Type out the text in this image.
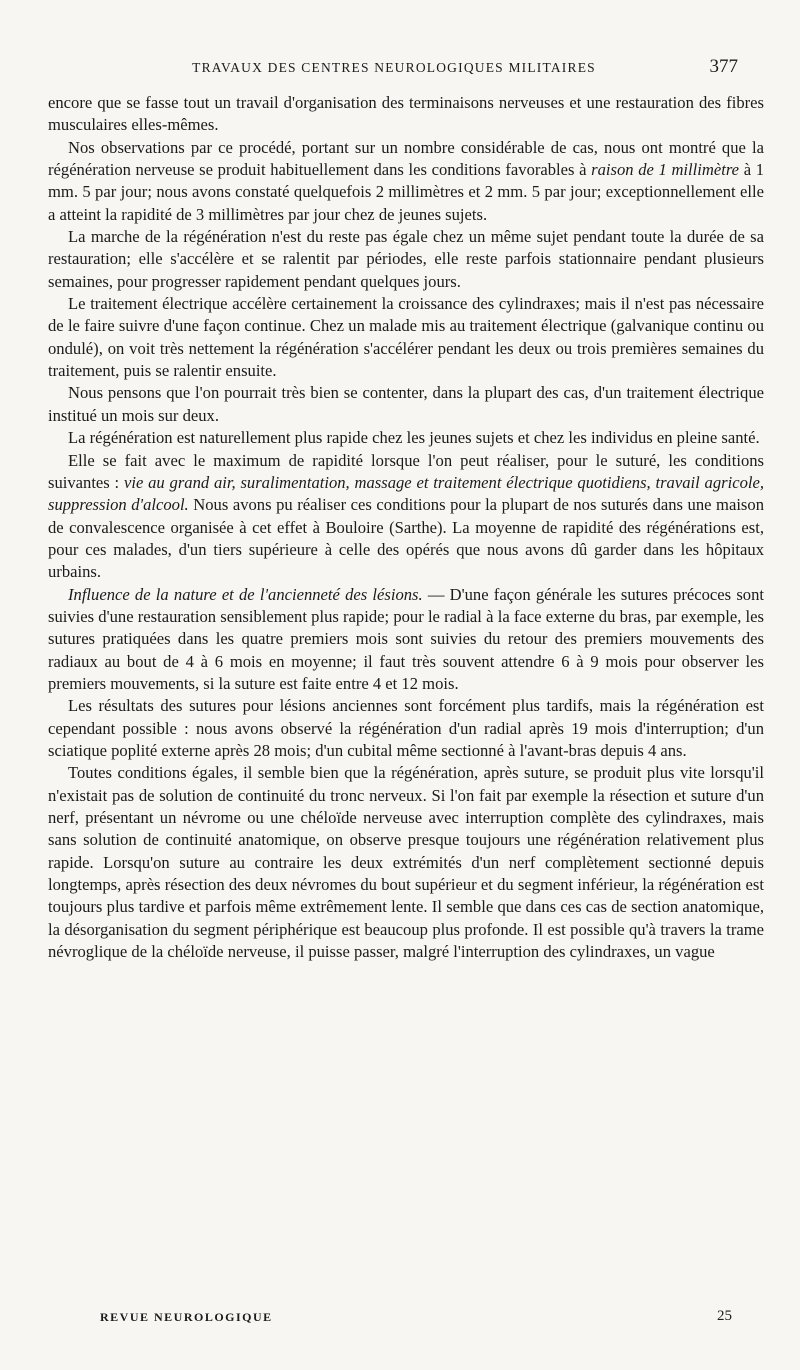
TRAVAUX DES CENTRES NEUROLOGIQUES MILITAIRES	377

encore que se fasse tout un travail d'organisation des terminaisons nerveuses et une restauration des fibres musculaires elles-mêmes.

Nos observations par ce procédé, portant sur un nombre considérable de cas, nous ont montré que la régénération nerveuse se produit habituellement dans les conditions favorables à raison de 1 millimètre à 1 mm. 5 par jour; nous avons constaté quelquefois 2 millimètres et 2 mm. 5 par jour; exceptionnellement elle a atteint la rapidité de 3 millimètres par jour chez de jeunes sujets.

La marche de la régénération n'est du reste pas égale chez un même sujet pendant toute la durée de sa restauration; elle s'accélère et se ralentit par périodes, elle reste parfois stationnaire pendant plusieurs semaines, pour progresser rapidement pendant quelques jours.

Le traitement électrique accélère certainement la croissance des cylindraxes; mais il n'est pas nécessaire de le faire suivre d'une façon continue. Chez un malade mis au traitement électrique (galvanique continu ou ondulé), on voit très nettement la régénération s'accélérer pendant les deux ou trois premières semaines du traitement, puis se ralentir ensuite.

Nous pensons que l'on pourrait très bien se contenter, dans la plupart des cas, d'un traitement électrique institué un mois sur deux.

La régénération est naturellement plus rapide chez les jeunes sujets et chez les individus en pleine santé.

Elle se fait avec le maximum de rapidité lorsque l'on peut réaliser, pour le suturé, les conditions suivantes : vie au grand air, suralimentation, massage et traitement électrique quotidiens, travail agricole, suppression d'alcool. Nous avons pu réaliser ces conditions pour la plupart de nos suturés dans une maison de convalescence organisée à cet effet à Bouloire (Sarthe). La moyenne de rapidité des régénérations est, pour ces malades, d'un tiers supérieure à celle des opérés que nous avons dû garder dans les hôpitaux urbains.

Influence de la nature et de l'ancienneté des lésions. — D'une façon générale les sutures précoces sont suivies d'une restauration sensiblement plus rapide; pour le radial à la face externe du bras, par exemple, les sutures pratiquées dans les quatre premiers mois sont suivies du retour des premiers mouvements des radiaux au bout de 4 à 6 mois en moyenne; il faut très souvent attendre 6 à 9 mois pour observer les premiers mouvements, si la suture est faite entre 4 et 12 mois.

Les résultats des sutures pour lésions anciennes sont forcément plus tardifs, mais la régénération est cependant possible : nous avons observé la régénération d'un radial après 19 mois d'interruption; d'un sciatique poplité externe après 28 mois; d'un cubital même sectionné à l'avant-bras depuis 4 ans.

Toutes conditions égales, il semble bien que la régénération, après suture, se produit plus vite lorsqu'il n'existait pas de solution de continuité du tronc nerveux. Si l'on fait par exemple la résection et suture d'un nerf, présentant un névrome ou une chéloïde nerveuse avec interruption complète des cylindraxes, mais sans solution de continuité anatomique, on observe presque toujours une régénération relativement plus rapide. Lorsqu'on suture au contraire les deux extrémités d'un nerf complètement sectionné depuis longtemps, après résection des deux névromes du bout supérieur et du segment inférieur, la régénération est toujours plus tardive et parfois même extrêmement lente. Il semble que dans ces cas de section anatomique, la désorganisation du segment périphérique est beaucoup plus profonde. Il est possible qu'à travers la trame névroglique de la chéloïde nerveuse, il puisse passer, malgré l'interruption des cylindraxes, un vague

REVUE NEUROLOGIQUE	25
